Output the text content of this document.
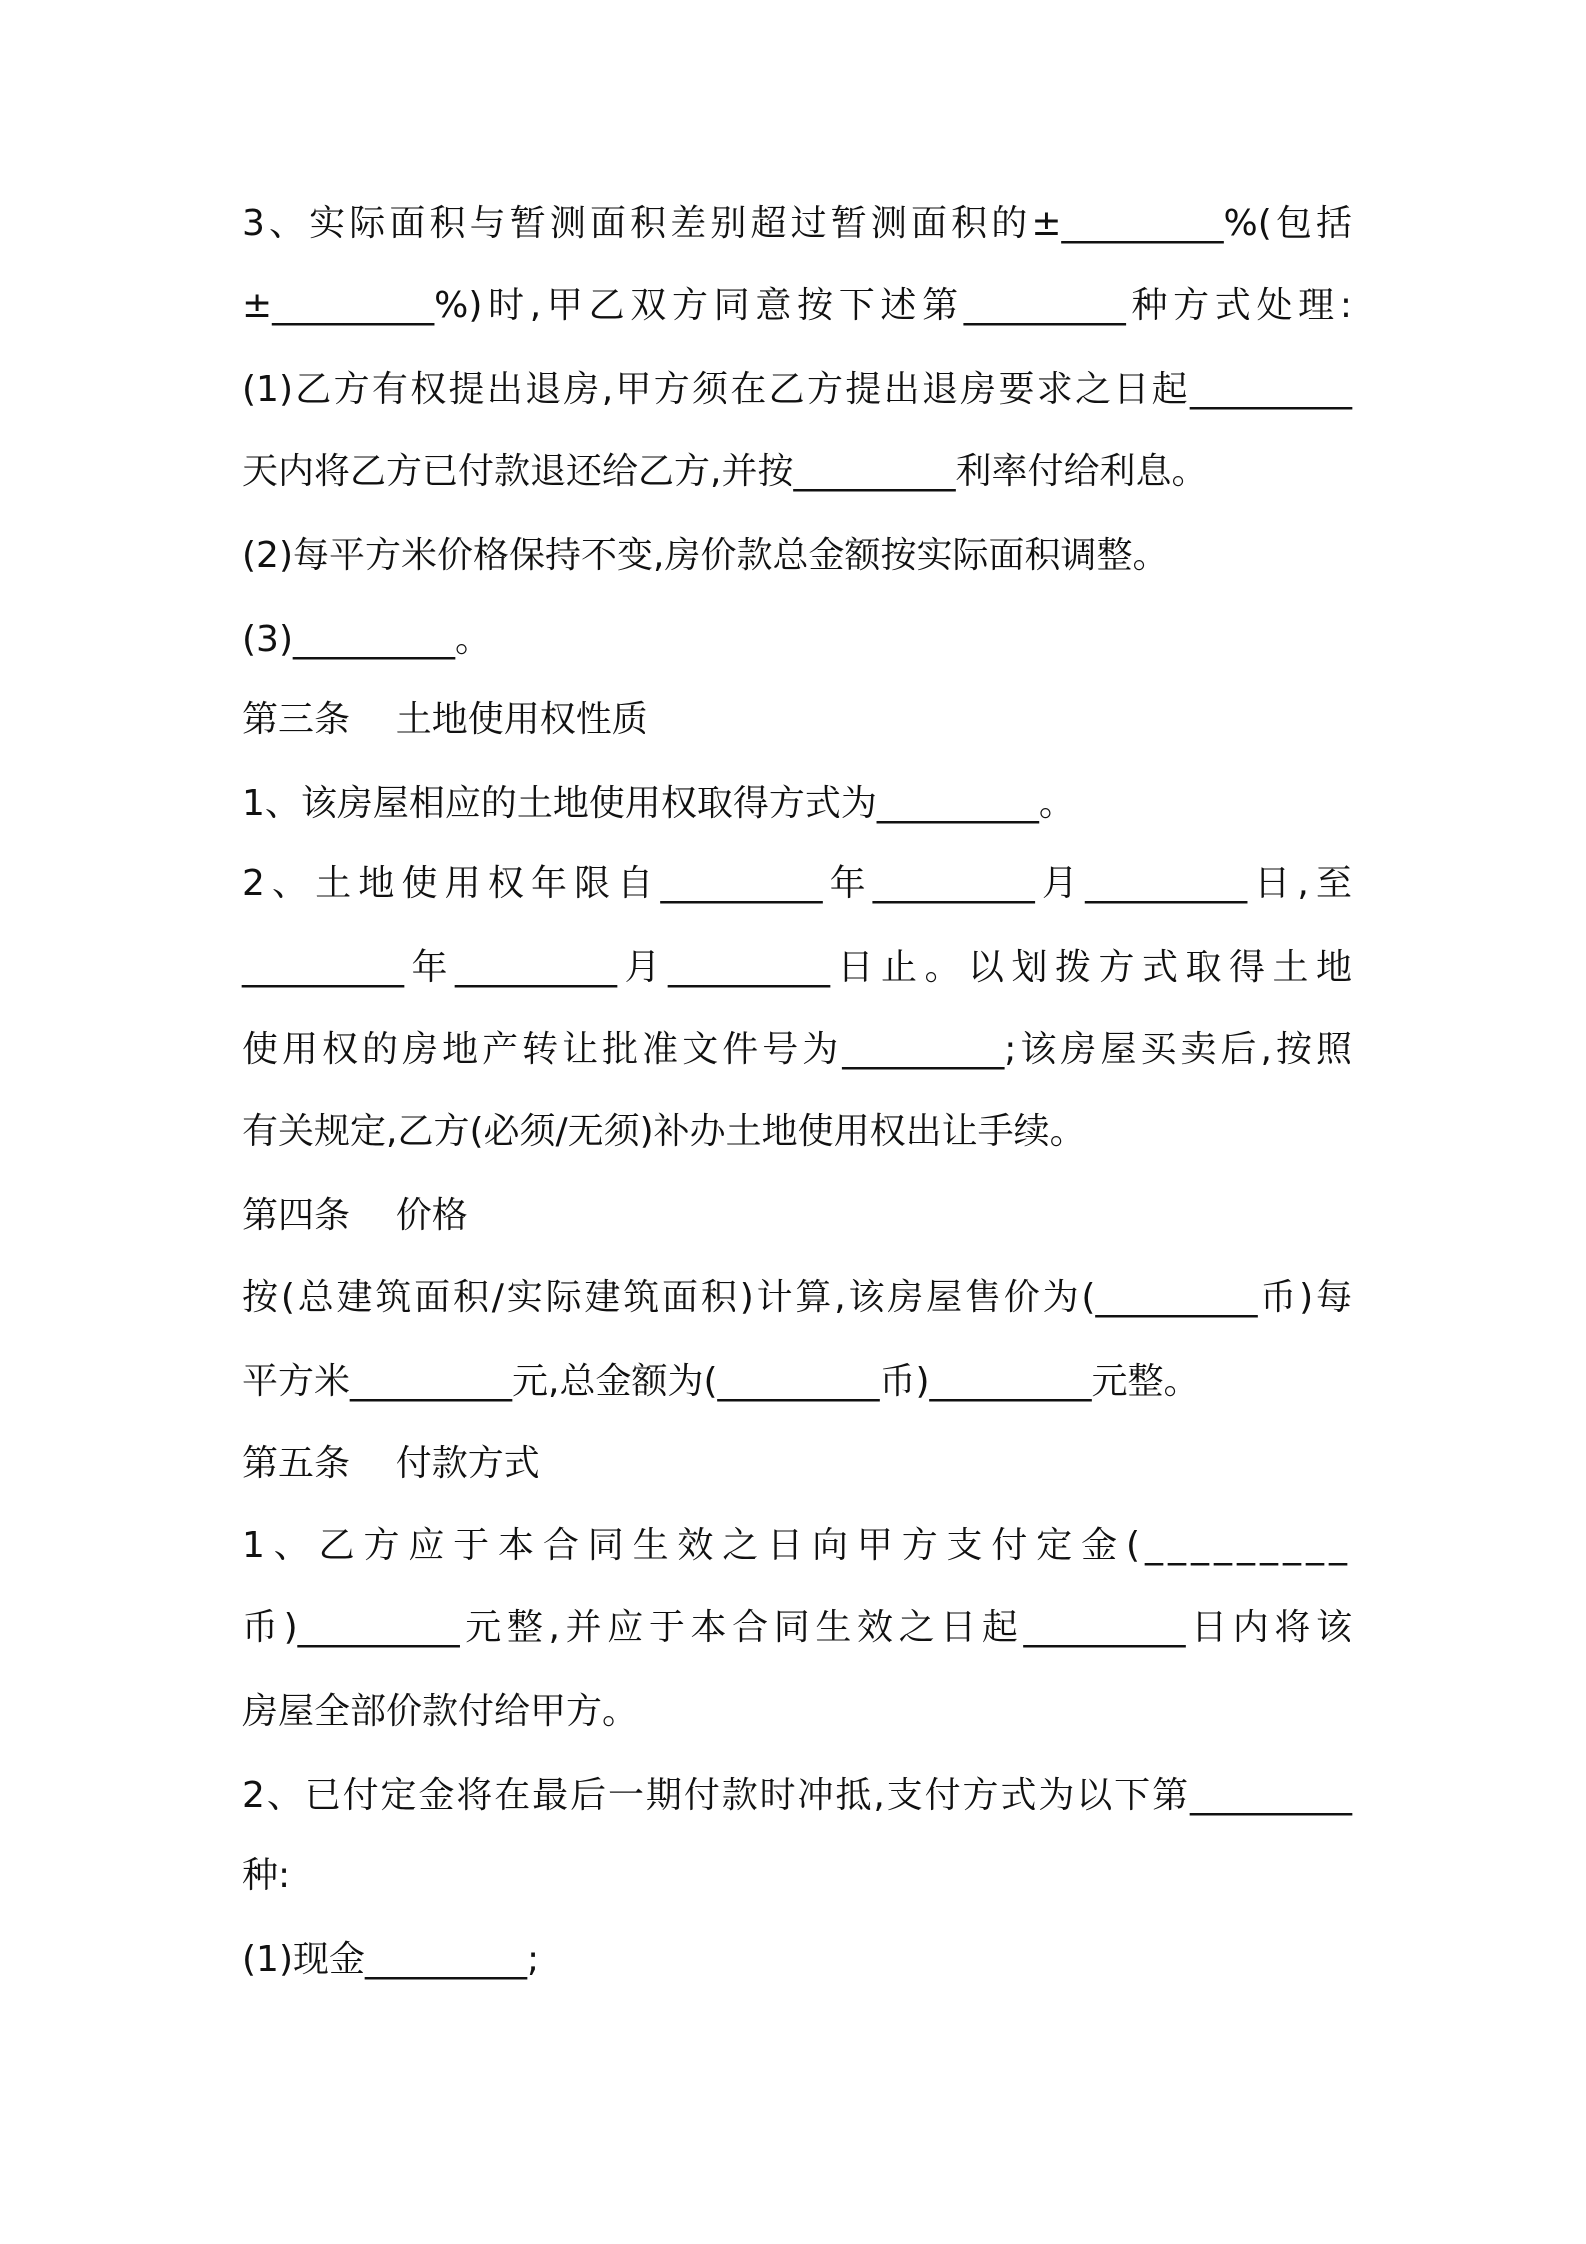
3、实际面积与暂测面积差别超过暂测面积的±_________%(包括
±_________%)时,甲乙双方同意按下述第_________种方式处理:
(1)乙方有权提出退房,甲方须在乙方提出退房要求之日起_________
天内将乙方已付款退还给乙方,并按_________利率付给利息。
(2)每平方米价格保持不变,房价款总金额按实际面积调整。
(3)_________。
第三条    土地使用权性质
1、该房屋相应的土地使用权取得方式为_________。
2、土地使用权年限自_________年_________月_________日,至
_________年_________月_________日止。以划拨方式取得土地
使用权的房地产转让批准文件号为_________;该房屋买卖后,按照
有关规定,乙方(必须/无须)补办土地使用权出让手续。
第四条    价格
按(总建筑面积/实际建筑面积)计算,该房屋售价为(_________币)每
平方米_________元,总金额为(_________币)_________元整。
第五条    付款方式
1、乙方应于本合同生效之日向甲方支付定金(_________
币)_________元整,并应于本合同生效之日起_________日内将该
房屋全部价款付给甲方。
2、已付定金将在最后一期付款时冲抵,支付方式为以下第_________
种:
(1)现金_________;
